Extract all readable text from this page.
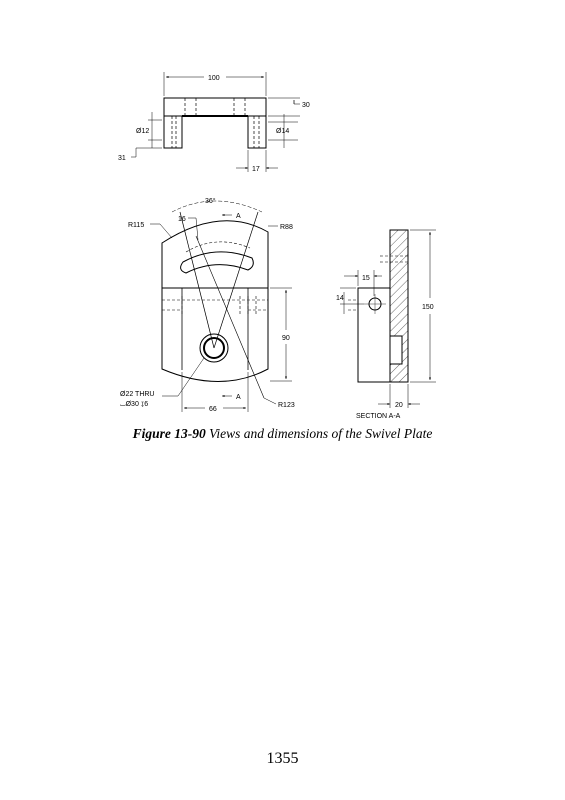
100
30
Ø12	Ø14
31
17
36°
16
R115	R88
A
A
90
66
R123
Ø22 THRU
⌴Ø30 ↧6
15
14
150
20
SECTION A-A
Figure 13-90 Views and dimensions of the Swivel Plate
1355
